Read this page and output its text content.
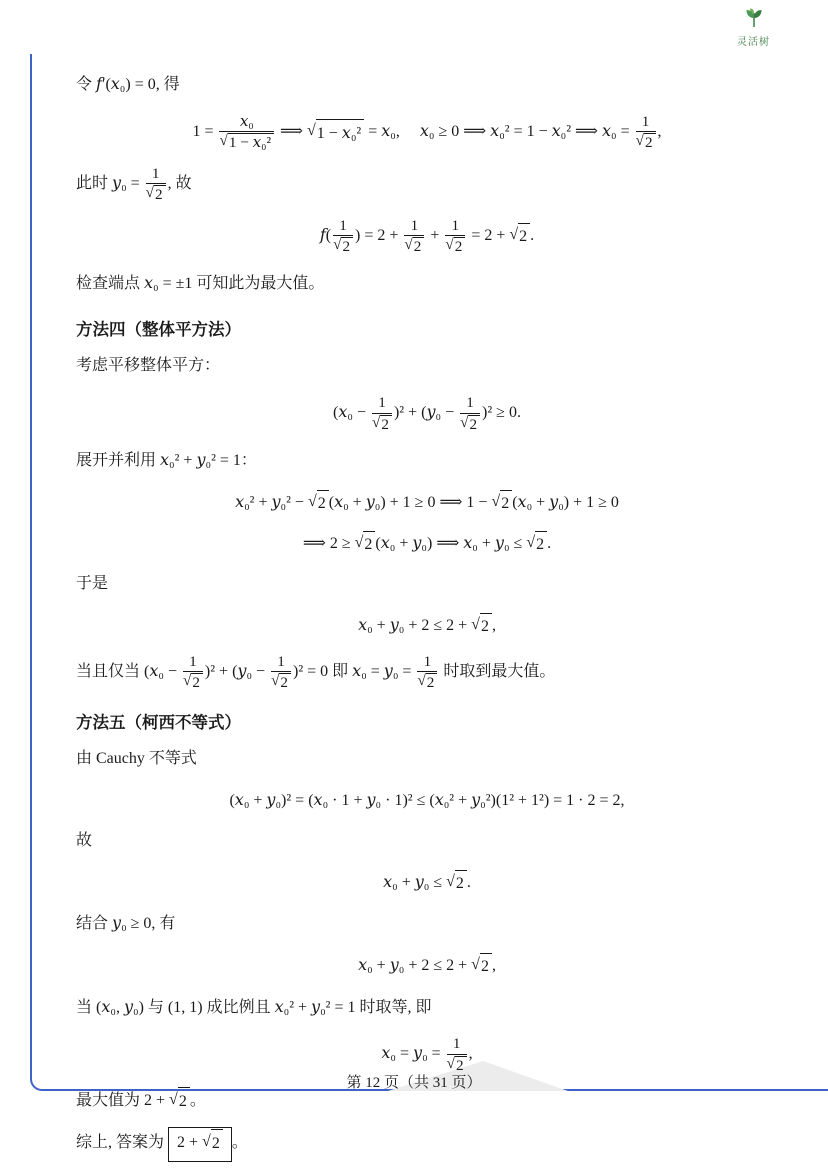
灵活树
令 f′(x₀) = 0, 得
$1 = \frac{\text{x₀}}{\text{√ 1 − x₀²}}$ ⟹ √ 1 − x₀² = x₀,  x₀ ≥ 0 ⟹ x₀² = 1 − x₀² ⟹ $x_0 = \frac{1}{√ 2}$ ,
此时 $y_0 = \frac{1}{√ 2}$ , 故
$f( \frac{1}{√ 2}$ ) = $2 + \frac{1}{√ 2} + \frac{1}{√ 2} = 2$ + √ 2 .
检查端点 x₀ = ±1 可知此为最大值。
方法四（整体平方法）
考虑平移整体平方：
$(x_0 - \frac{1}{√ 2} )^2 + (y_0 - \frac{1}{√ 2} )^2 \ge 0$.
展开并利用 x₀² + y₀² = 1：
x₀² + y₀² − √ 2 (x₀ + y₀) + 1 ≥ 0 ⟹ 1 − √ 2 (x₀ + y₀) + 1 ≥ 0
⟹ 2 ≥ √ 2 (x₀ + y₀) ⟹ x₀ + y₀ ≤ √ 2 .
于是
x₀ + y₀ + 2 ≤ 2 + √ 2 ,
当且仅当 $(x_0 - \frac{1}{√ 2} )^2 + (y_0 - \frac{1}{√ 2} )^2 = 0$ 即 $x_0 = y_0 = \frac{1}{√ 2}$ 时取到最大值。
方法五（柯西不等式）
由 Cauchy 不等式
(x₀ + y₀)² = (x₀ · 1 + y₀ · 1)² ≤ (x₀² + y₀²)(1² + 1²) = 1 · 2 = 2,
故
x₀ + y₀ ≤ √ 2 .
结合 y₀ ≥ 0, 有
x₀ + y₀ + 2 ≤ 2 + √ 2 ,
当 (x₀, y₀) 与 (1, 1) 成比例且 x₀² + y₀² = 1 时取等, 即
$x_0 = y_0 = \frac{1}{√ 2}$ ,
最大值为 2 + √ 2 。
综上, 答案为 2 + √ 2 。
第 12 页（共 31 页）
